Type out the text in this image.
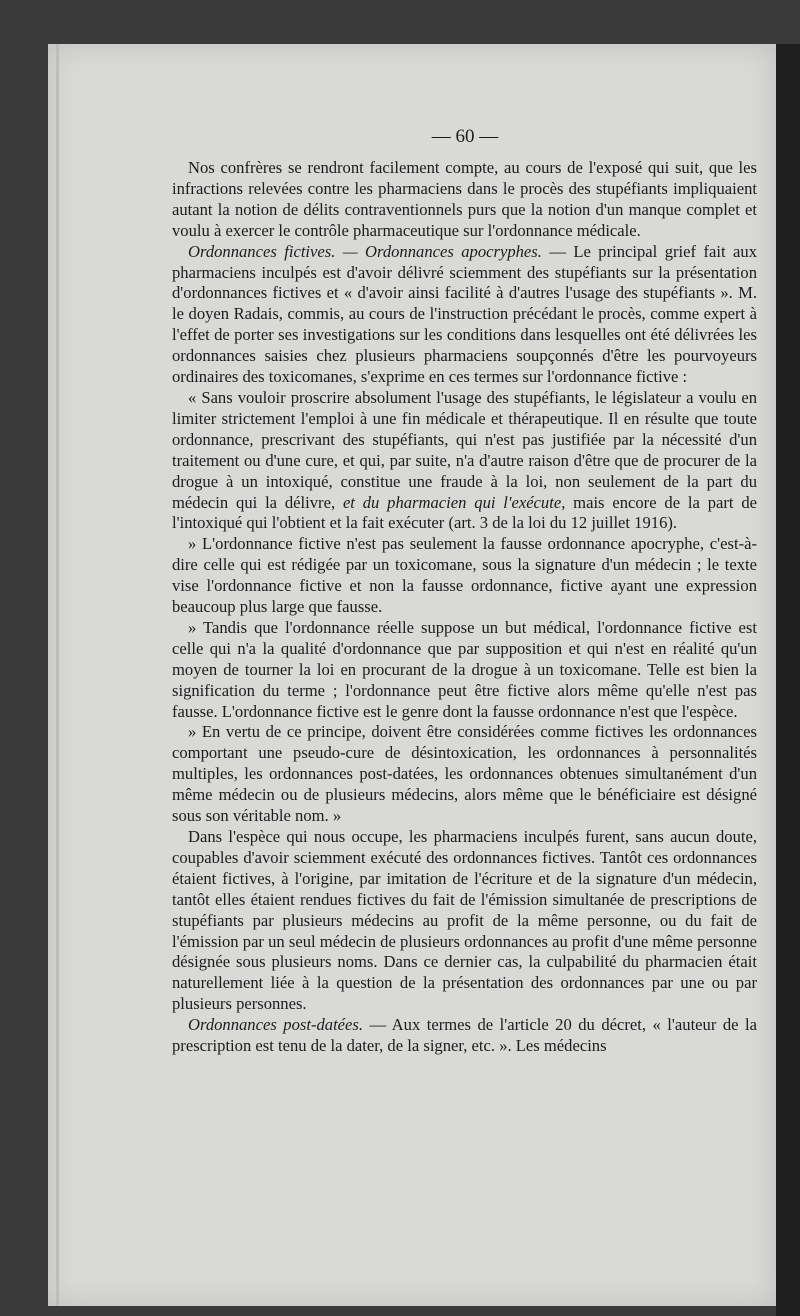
— 60 —

Nos confrères se rendront facilement compte, au cours de l'exposé qui suit, que les infractions relevées contre les pharmaciens dans le procès des stupéfiants impliquaient autant la notion de délits contraventionnels purs que la notion d'un manque complet et voulu à exercer le contrôle pharmaceutique sur l'ordonnance médicale.

Ordonnances fictives. — Ordonnances apocryphes. — Le principal grief fait aux pharmaciens inculpés est d'avoir délivré sciemment des stupéfiants sur la présentation d'ordonnances fictives et « d'avoir ainsi facilité à d'autres l'usage des stupéfiants ». M. le doyen Radais, commis, au cours de l'instruction précédant le procès, comme expert à l'effet de porter ses investigations sur les conditions dans lesquelles ont été délivrées les ordonnances saisies chez plusieurs pharmaciens soupçonnés d'être les pourvoyeurs ordinaires des toxicomanes, s'exprime en ces termes sur l'ordonnance fictive :

« Sans vouloir proscrire absolument l'usage des stupéfiants, le législateur a voulu en limiter strictement l'emploi à une fin médicale et thérapeutique. Il en résulte que toute ordonnance, prescrivant des stupéfiants, qui n'est pas justifiée par la nécessité d'un traitement ou d'une cure, et qui, par suite, n'a d'autre raison d'être que de procurer de la drogue à un intoxiqué, constitue une fraude à la loi, non seulement de la part du médecin qui la délivre, et du pharmacien qui l'exécute, mais encore de la part de l'intoxiqué qui l'obtient et la fait exécuter (art. 3 de la loi du 12 juillet 1916).

» L'ordonnance fictive n'est pas seulement la fausse ordonnance apocryphe, c'est-à-dire celle qui est rédigée par un toxicomane, sous la signature d'un médecin ; le texte vise l'ordonnance fictive et non la fausse ordonnance, fictive ayant une expression beaucoup plus large que fausse.

» Tandis que l'ordonnance réelle suppose un but médical, l'ordonnance fictive est celle qui n'a la qualité d'ordonnance que par supposition et qui n'est en réalité qu'un moyen de tourner la loi en procurant de la drogue à un toxicomane. Telle est bien la signification du terme ; l'ordonnance peut être fictive alors même qu'elle n'est pas fausse. L'ordonnance fictive est le genre dont la fausse ordonnance n'est que l'espèce.

» En vertu de ce principe, doivent être considérées comme fictives les ordonnances comportant une pseudo-cure de désintoxication, les ordonnances à personnalités multiples, les ordonnances post-datées, les ordonnances obtenues simultanément d'un même médecin ou de plusieurs médecins, alors même que le bénéficiaire est désigné sous son véritable nom. »

Dans l'espèce qui nous occupe, les pharmaciens inculpés furent, sans aucun doute, coupables d'avoir sciemment exécuté des ordonnances fictives. Tantôt ces ordonnances étaient fictives, à l'origine, par imitation de l'écriture et de la signature d'un médecin, tantôt elles étaient rendues fictives du fait de l'émission simultanée de prescriptions de stupéfiants par plusieurs médecins au profit de la même personne, ou du fait de l'émission par un seul médecin de plusieurs ordonnances au profit d'une même personne désignée sous plusieurs noms. Dans ce dernier cas, la culpabilité du pharmacien était naturellement liée à la question de la présentation des ordonnances par une ou par plusieurs personnes.

Ordonnances post-datées. — Aux termes de l'article 20 du décret, « l'auteur de la prescription est tenu de la dater, de la signer, etc. ». Les médecins
